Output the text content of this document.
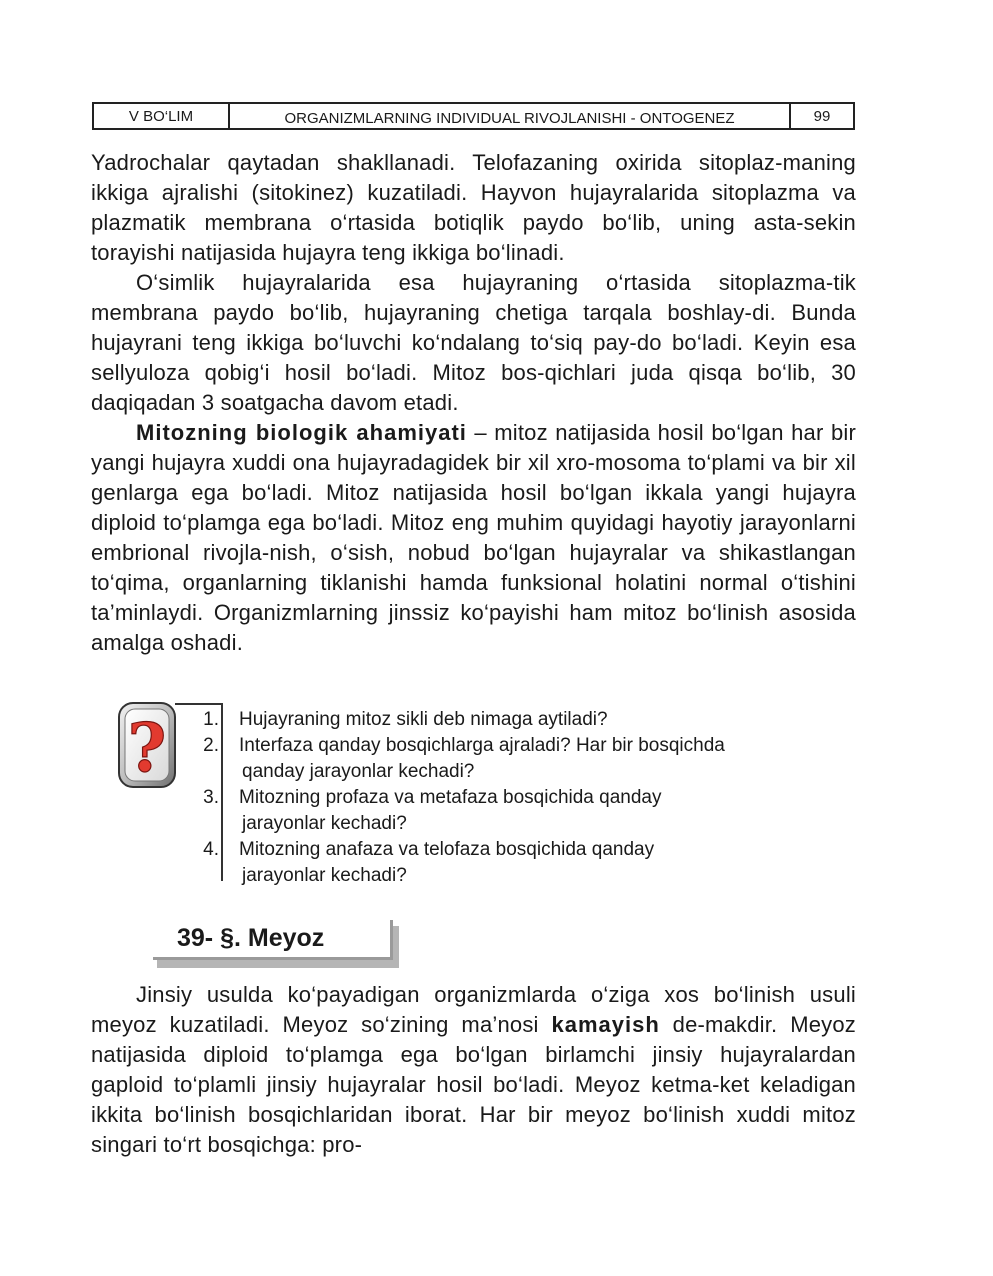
V BO‘LIM	ORGANIZMLARNING INDIVIDUAL RIVOJLANISHI - ONTOGENEZ	99

Yadrochalar qaytadan shakllanadi. Telofazaning oxirida sitoplaz-maning ikkiga ajralishi (sitokinez) kuzatiladi. Hayvon hujayralarida sitoplazma va plazmatik membrana o‘rtasida botiqlik paydo bo‘lib, uning asta-sekin torayishi natijasida hujayra teng ikkiga bo‘linadi.

O‘simlik hujayralarida esa hujayraning o‘rtasida sitoplazma-tik membrana paydo bo‘lib, hujayraning chetiga tarqala boshlay-di. Bunda hujayrani teng ikkiga bo‘luvchi ko‘ndalang to‘siq pay-do bo‘ladi. Keyin esa sellyuloza qobig‘i hosil bo‘ladi. Mitoz bos-qichlari juda qisqa bo‘lib, 30 daqiqadan 3 soatgacha davom etadi.

Mitozning biologik ahamiyati – mitoz natijasida hosil bo‘lgan har bir yangi hujayra xuddi ona hujayradagidek bir xil xro-mosoma to‘plami va bir xil genlarga ega bo‘ladi. Mitoz natijasida hosil bo‘lgan ikkala yangi hujayra diploid to‘plamga ega bo‘ladi. Mitoz eng muhim quyidagi hayotiy jarayonlarni embrional rivojla-nish, o‘sish, nobud bo‘lgan hujayralar va shikastlangan to‘qima, organlarning tiklanishi hamda funksional holatini normal o‘tishini ta’minlaydi. Organizmlarning jinssiz ko‘payishi ham mitoz bo‘linish asosida amalga oshadi.

?	1. Hujayraning mitoz sikli deb nimaga aytiladi?
2. Interfaza qanday bosqichlarga ajraladi? Har bir bosqichda
qanday jarayonlar kechadi?
3. Mitozning profaza va metafaza bosqichida qanday
jarayonlar kechadi?
4. Mitozning anafaza va telofaza bosqichida qanday
jarayonlar kechadi?
39- §. Meyoz

Jinsiy usulda ko‘payadigan organizmlarda o‘ziga xos bo‘linish usuli meyoz kuzatiladi. Meyoz so‘zining ma’nosi kamayish de-makdir. Meyoz natijasida diploid to‘plamga ega bo‘lgan birlamchi jinsiy hujayralardan gaploid to‘plamli jinsiy hujayralar hosil bo‘ladi. Meyoz ketma-ket keladigan ikkita bo‘linish bosqichlaridan iborat. Har bir meyoz bo‘linish xuddi mitoz singari to‘rt bosqichga: pro-
